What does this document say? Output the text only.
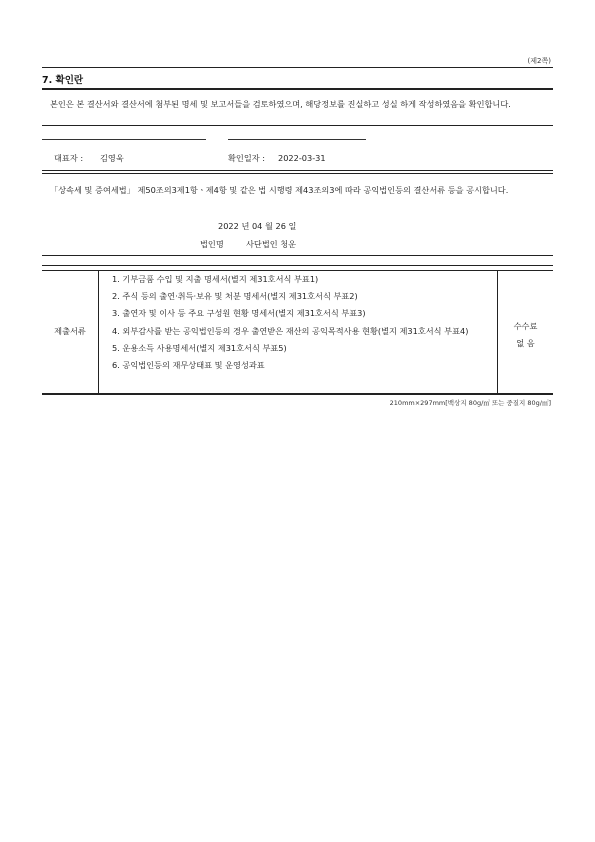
(제2쪽)
7. 확인란
본인은 본 결산서와 결산서에 첨부된 명세 및 보고서들을 검토하였으며, 해당정보를 진실하고 성실 하게 작성하였음을 확인합니다.
대표자 : 김영욱	확인일자 : 2022-03-31
「상속세 및 증여세법」 제50조의3제1항ㆍ제4항 및 같은 법 시행령 제43조의3에 따라 공익법인등의 결산서류 등을 공시합니다.
2022 년 04 월 26 일
법인명	사단법인 청운
제출서류
1. 기부금품 수입 및 지출 명세서(별지 제31호서식 부표1)
2. 주식 등의 출연·취득·보유 및 처분 명세서(별지 제31호서식 부표2)
3. 출연자 및 이사 등 주요 구성원 현황 명세서(별지 제31호서식 부표3)
4. 외부감사를 받는 공익법인등의 경우 출연받은 재산의 공익목적사용 현황(별지 제31호서식 부표4)
5. 운용소득 사용명세서(별지 제31호서식 부표5)
6. 공익법인등의 재무상태표 및 운영성과표
수수료
없 음
210mm×297mm[백상지 80g/㎡ 또는 중질지 80g/㎡]
